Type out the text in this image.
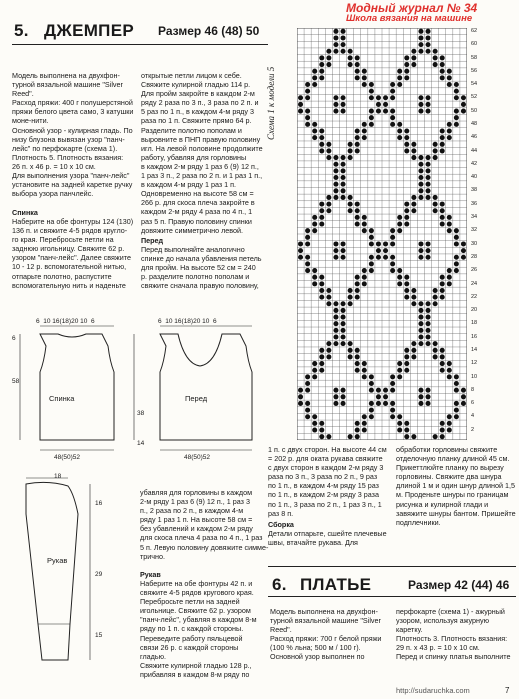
5. ДЖЕМПЕР Размер 46 (48) 50
Модный журнал № 34
Школа вязания на машине
Модель выполнена на двухфон-
турной вязальной машине "Silver
Reed".
Расход пряжи: 400 г полушерстяной
пряжи белого цвета само, 3 катушки
моне-нити.
Основной узор - кулирная гладь. По
низу блузона вывязан узор "панч-
лейс" по перфокарте (схема 1).
Плотность 5. Плотность вязания:
26 п. х 46 р. = 10 х 10 см.
Для выполнения узора "панч-лейс"
установите на задней каретке ручку
выбора узора панчлейс.
Спинка
Наберите на обе фонтуры 124 (130)
136 п. и свяжите 4-5 рядов кругло-
го края. Перебросьте петли на
заднюю игольницу. Свяжите 62 р.
узором "панч-лейс". Далее свяжите
10 - 12 р. вспомогательной нитью,
отпарьте полотно, распустите
вспомогательную нить и наденьте
открытые петли лицом к себе.
Свяжите кулирной гладью 114 р.
Для пройм закройте в каждом 2-м
ряду 2 раза по 3 п., 3 раза по 2 п. и
5 раз по 1 п., в каждом 4-м ряду 3
раза по 1 п. Свяжите прямо 64 р.
Разделите полотно пополам и
выровните в ПНП правую половину
игл. На левой половине продолжите
работу, убавляя для горловины
в каждом 2-м ряду 1 раз 6 (9) 12 п.,
1 раз 3 п., 2 раза по 2 п. и 1 раз 1 п.,
в каждом 4-м ряду 1 раз 1 п.
Одновременно на высоте 58 см =
266 р. для скоса плеча закройте в
каждом 2-м ряду 4 раза по 4 п., 1
раз 5 п. Правую половину спинки
довяжите симметрично левой.
Перед
Перед выполняйте аналогично
спинке до начала убавления петель
для пройм. На высоте 52 см = 240
р. разделите полотно пополам и
свяжите сначала правую половину,
Спинка	Перед
6 10 16(18)20 10 6	6 10 16(18)20 10 6
48(50)52	48(50)52
6
58
38
14
18
16
29
15
Рукав
убавляя для горловины в каждом
2-м ряду 1 раз 6 (9) 12 п., 1 раз 3
п., 2 раза по 2 п., в каждом 4-м
ряду 1 раз 1 п. На высоте 58 см =
без убавлений и каждом 2-м ряду
для скоса плеча 4 раза по 4 п., 1 раз
5 п. Левую половину довяжите симме-
трично.
Рукав
Наберите на обе фонтуры 42 п. и
свяжите 4-5 рядов кругового края.
Перебросьте петли на задней
игольнице. Свяжите 62 р. узором
"панч-лейс", убавляя в каждом 8-м
ряду по 1 п. с каждой стороны.
Переведите работу пяльцевой
связи 26 р. с каждой стороны
гладью.
Свяжите кулирной гладью 128 р.,
прибавляя в каждом 8-м ряду по
Схема 1 к модели 5
62
60
58
56
54
52
50
48
46
44
42
40
38
36
34
32
30
28
26
24
22
20
18
16
14
12
10
8
6
4
2
1 п. с двух сторон. На высоте 44 см
= 202 р. для оката рукава свяжите
с двух сторон в каждом 2-м ряду 3
раза по 3 п., 3 раза по 2 п., 9 раз
по 1 п., в каждом 4-м ряду 15 раз
по 1 п., в каждом 2-м ряду 3 раза
по 1 п., 3 раза по 2 п., 1 раз 3 п., 1
раз 8 п.
Сборка
Детали отпарьте, сшейте плечевые
швы, втачайте рукава. Для
обработки горловины свяжите
отделочную планку длиной 45 см.
Прикеттлюйте планку по вырезу
горловины. Свяжите два шнура
длиной 1 м и один шнур длиной 1,5
м. Проденьте шнуры по границам
рисунка и кулирной глади и
завяжите шнуры бантом. Пришейте
подплечники.
6. ПЛАТЬЕ	Размер 42 (44) 46
Модель выполнена на двухфон-
турной вязальной машине "Silver
Reed".
Расход пряжи: 700 г белой пряжи
(100 % льна; 500 м / 100 г).
Основной узор выполнен по
перфокарте (схема 1) - ажурный
узором, используя ажурную
каретку.
Плотность 3. Плотность вязания:
29 п. х 43 р. = 10 х 10 см.
Перед и спинку платья выполните
http://sudaruchka.com	7
